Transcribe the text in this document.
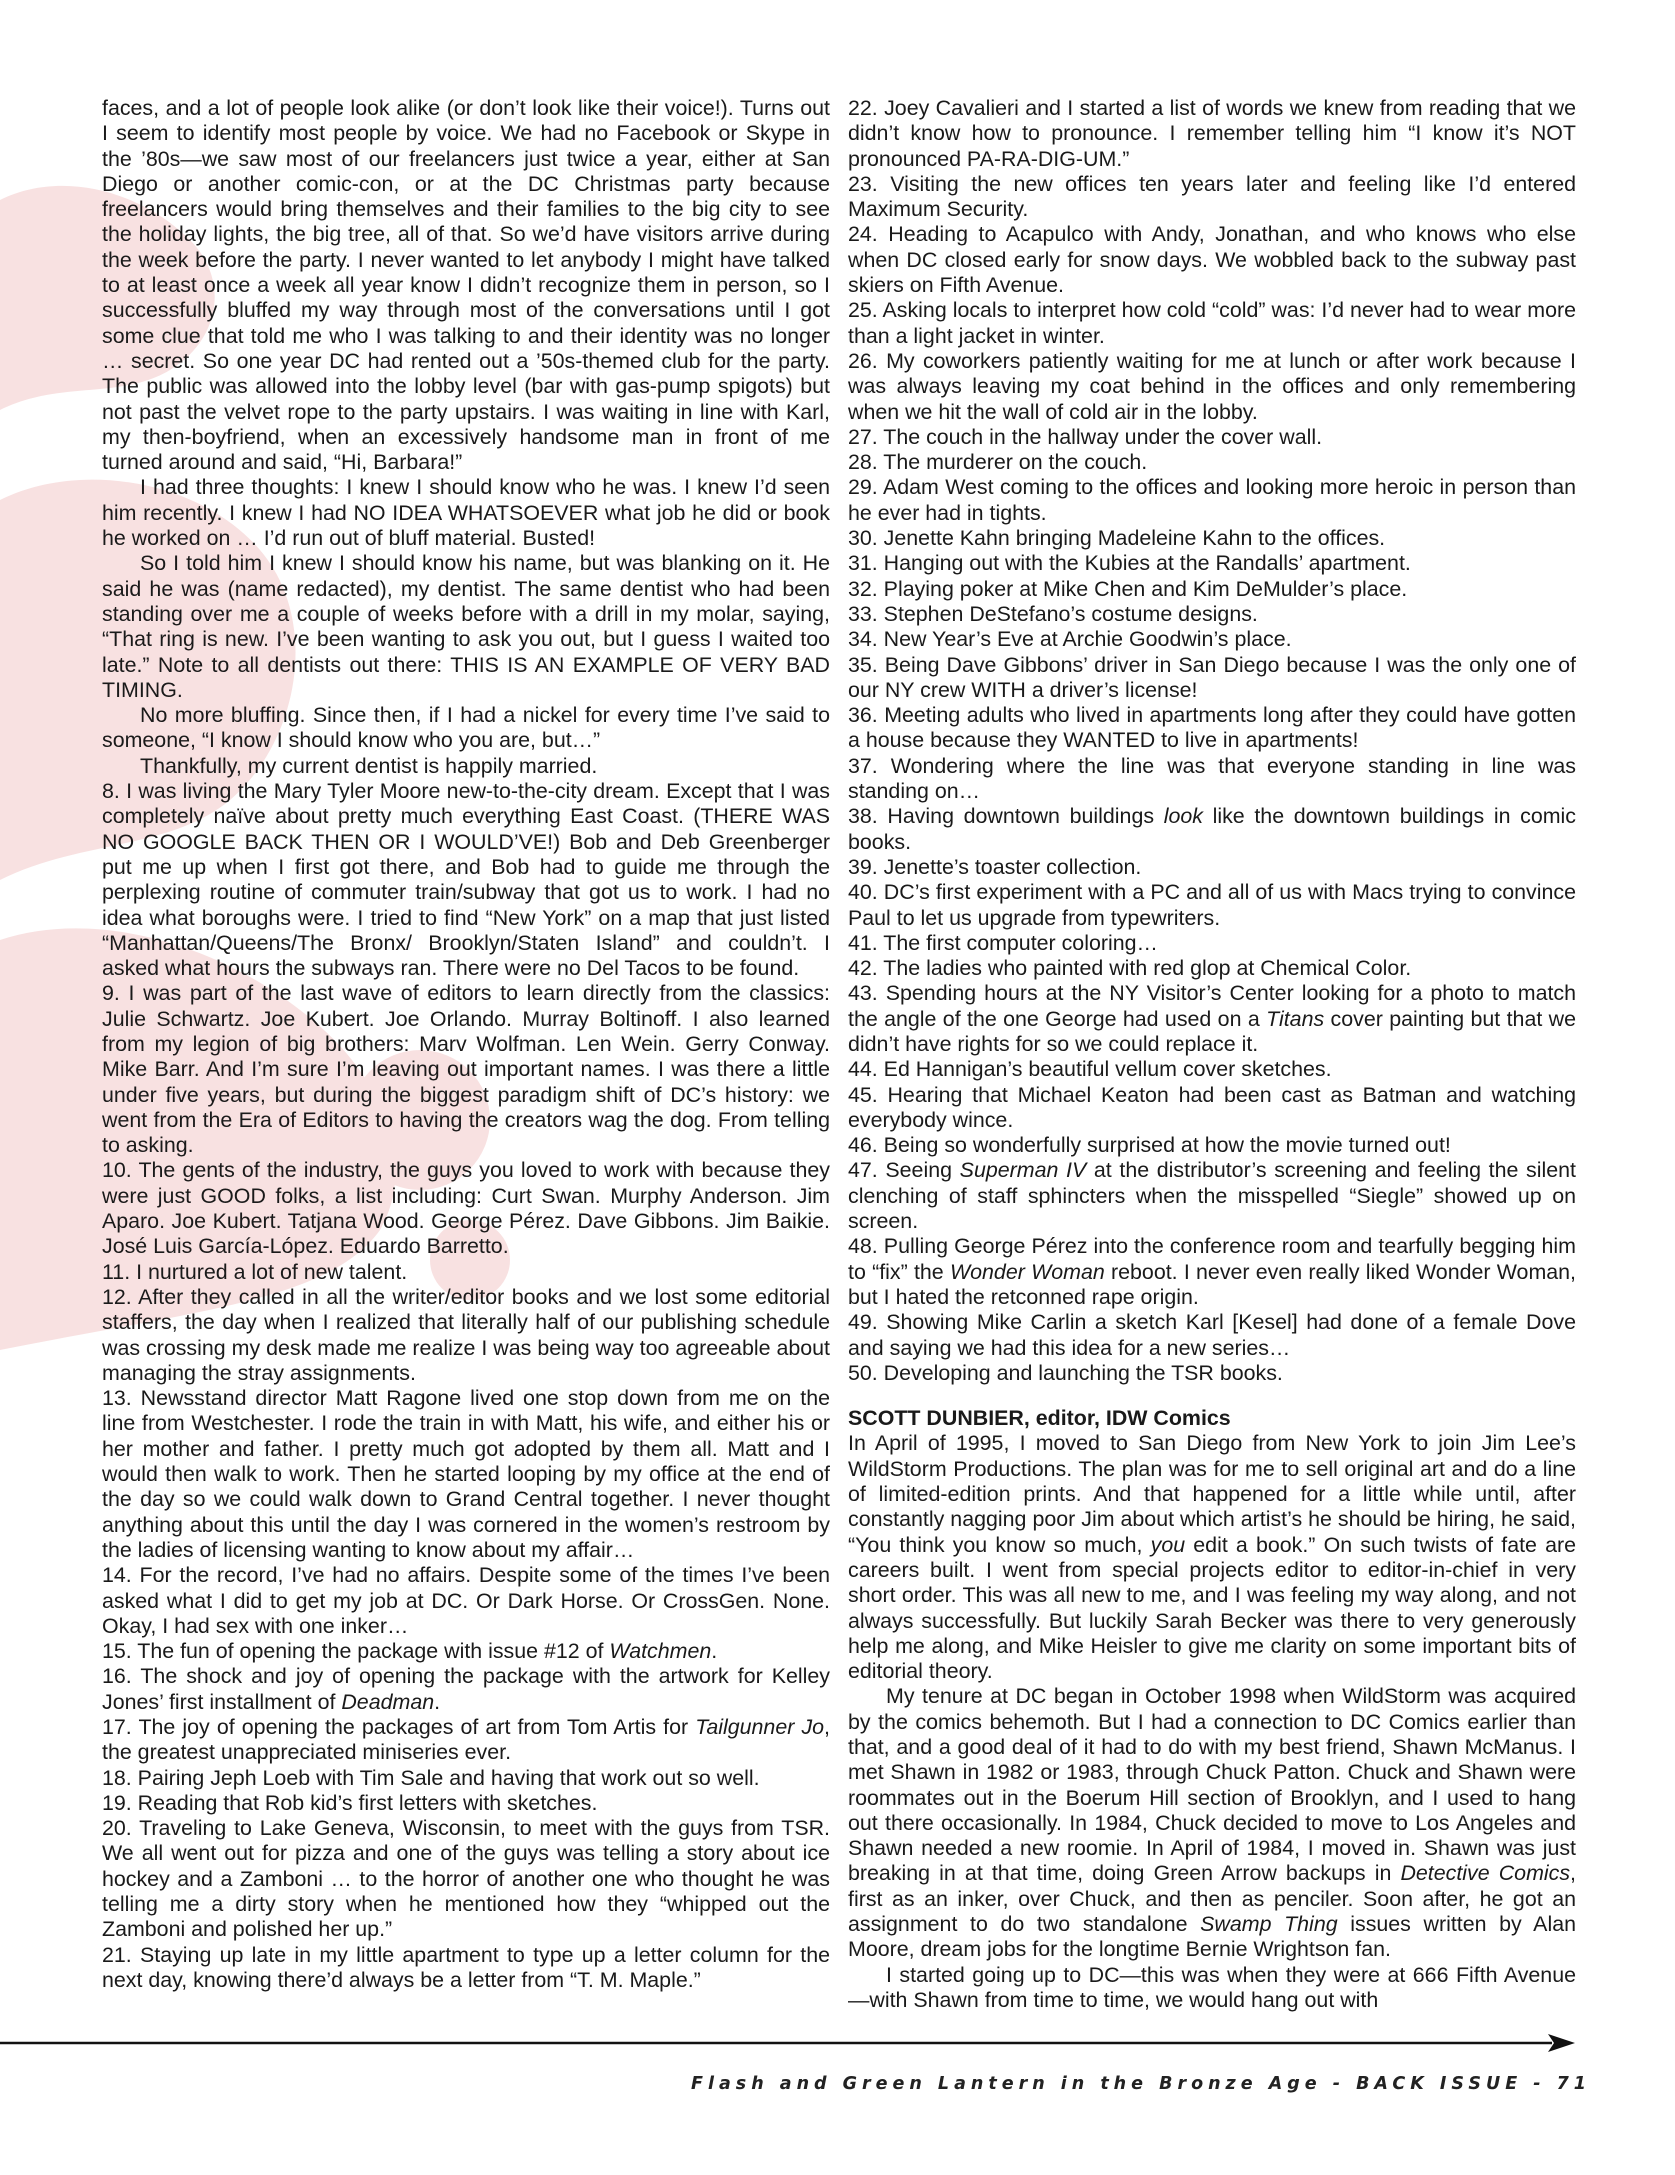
faces, and a lot of people look alike (or don’t look like their voice!). Turns out I seem to identify most people by voice. We had no Facebook or Skype in the ’80s—we saw most of our freelancers just twice a year, either at San Diego or another comic-con, or at the DC Christmas party because freelancers would bring themselves and their families to the big city to see the holiday lights, the big tree, all of that. So we’d have visitors arrive during the week before the party. I never wanted to let anybody I might have talked to at least once a week all year know I didn’t recognize them in person, so I successfully bluffed my way through most of the conversations until I got some clue that told me who I was talking to and their identity was no longer … secret. So one year DC had rented out a ’50s-themed club for the party. The public was allowed into the lobby level (bar with gas-pump spigots) but not past the velvet rope to the party upstairs. I was waiting in line with Karl, my then-boyfriend, when an excessively handsome man in front of me turned around and said, “Hi, Barbara!”

I had three thoughts: I knew I should know who he was. I knew I’d seen him recently. I knew I had NO IDEA WHATSOEVER what job he did or book he worked on … I’d run out of bluff material. Busted!

So I told him I knew I should know his name, but was blanking on it. He said he was (name redacted), my dentist. The same dentist who had been standing over me a couple of weeks before with a drill in my molar, saying, “That ring is new. I’ve been wanting to ask you out, but I guess I waited too late.” Note to all dentists out there: THIS IS AN EXAMPLE OF VERY BAD TIMING.

No more bluffing. Since then, if I had a nickel for every time I’ve said to someone, “I know I should know who you are, but…”

Thankfully, my current dentist is happily married.

8. I was living the Mary Tyler Moore new-to-the-city dream. Except that I was completely naïve about pretty much everything East Coast. (THERE WAS NO GOOGLE BACK THEN OR I WOULD’VE!) Bob and Deb Greenberger put me up when I first got there, and Bob had to guide me through the perplexing routine of commuter train/subway that got us to work. I had no idea what boroughs were. I tried to find “New York” on a map that just listed “Manhattan/Queens/The Bronx/ Brooklyn/Staten Island” and couldn’t. I asked what hours the subways ran. There were no Del Tacos to be found.

9. I was part of the last wave of editors to learn directly from the classics: Julie Schwartz. Joe Kubert. Joe Orlando. Murray Boltinoff. I also learned from my legion of big brothers: Marv Wolfman. Len Wein. Gerry Conway. Mike Barr. And I’m sure I’m leaving out important names. I was there a little under five years, but during the biggest paradigm shift of DC’s history: we went from the Era of Editors to having the creators wag the dog. From telling to asking.

10. The gents of the industry, the guys you loved to work with because they were just GOOD folks, a list including: Curt Swan. Murphy Anderson. Jim Aparo. Joe Kubert. Tatjana Wood. George Pérez. Dave Gibbons. Jim Baikie. José Luis García-López. Eduardo Barretto.

11. I nurtured a lot of new talent.

12. After they called in all the writer/editor books and we lost some editorial staffers, the day when I realized that literally half of our publishing schedule was crossing my desk made me realize I was being way too agreeable about managing the stray assignments.

13. Newsstand director Matt Ragone lived one stop down from me on the line from Westchester. I rode the train in with Matt, his wife, and either his or her mother and father. I pretty much got adopted by them all. Matt and I would then walk to work. Then he started looping by my office at the end of the day so we could walk down to Grand Central together. I never thought anything about this until the day I was cornered in the women’s restroom by the ladies of licensing wanting to know about my affair…

14. For the record, I’ve had no affairs. Despite some of the times I’ve been asked what I did to get my job at DC. Or Dark Horse. Or CrossGen. None. Okay, I had sex with one inker…

15. The fun of opening the package with issue #12 of Watchmen.

16. The shock and joy of opening the package with the artwork for Kelley Jones’ first installment of Deadman.

17. The joy of opening the packages of art from Tom Artis for Tailgunner Jo, the greatest unappreciated miniseries ever.

18. Pairing Jeph Loeb with Tim Sale and having that work out so well.

19. Reading that Rob kid’s first letters with sketches.

20. Traveling to Lake Geneva, Wisconsin, to meet with the guys from TSR. We all went out for pizza and one of the guys was telling a story about ice hockey and a Zamboni … to the horror of another one who thought he was telling me a dirty story when he mentioned how they “whipped out the Zamboni and polished her up.”

21. Staying up late in my little apartment to type up a letter column for the next day, knowing there’d always be a letter from “T. M. Maple.”

22. Joey Cavalieri and I started a list of words we knew from reading that we didn’t know how to pronounce. I remember telling him “I know it’s NOT pronounced PA-RA-DIG-UM.”

23. Visiting the new offices ten years later and feeling like I’d entered Maximum Security.

24. Heading to Acapulco with Andy, Jonathan, and who knows who else when DC closed early for snow days. We wobbled back to the subway past skiers on Fifth Avenue.

25. Asking locals to interpret how cold “cold” was: I’d never had to wear more than a light jacket in winter.

26. My coworkers patiently waiting for me at lunch or after work because I was always leaving my coat behind in the offices and only remembering when we hit the wall of cold air in the lobby.

27. The couch in the hallway under the cover wall.

28. The murderer on the couch.

29. Adam West coming to the offices and looking more heroic in person than he ever had in tights.

30. Jenette Kahn bringing Madeleine Kahn to the offices.

31. Hanging out with the Kubies at the Randalls’ apartment.

32. Playing poker at Mike Chen and Kim DeMulder’s place.

33. Stephen DeStefano’s costume designs.

34. New Year’s Eve at Archie Goodwin’s place.

35. Being Dave Gibbons’ driver in San Diego because I was the only one of our NY crew WITH a driver’s license!

36. Meeting adults who lived in apartments long after they could have gotten a house because they WANTED to live in apartments!

37. Wondering where the line was that everyone standing in line was standing on…

38. Having downtown buildings look like the downtown buildings in comic books.

39. Jenette’s toaster collection.

40. DC’s first experiment with a PC and all of us with Macs trying to convince Paul to let us upgrade from typewriters.

41. The first computer coloring…

42. The ladies who painted with red glop at Chemical Color.

43. Spending hours at the NY Visitor’s Center looking for a photo to match the angle of the one George had used on a Titans cover painting but that we didn’t have rights for so we could replace it.

44. Ed Hannigan’s beautiful vellum cover sketches.

45. Hearing that Michael Keaton had been cast as Batman and watching everybody wince.

46. Being so wonderfully surprised at how the movie turned out!

47. Seeing Superman IV at the distributor’s screening and feeling the silent clenching of staff sphincters when the misspelled “Siegle” showed up on screen.

48. Pulling George Pérez into the conference room and tearfully begging him to “fix” the Wonder Woman reboot. I never even really liked Wonder Woman, but I hated the retconned rape origin.

49. Showing Mike Carlin a sketch Karl [Kesel] had done of a female Dove and saying we had this idea for a new series…

50. Developing and launching the TSR books.

SCOTT DUNBIER, editor, IDW Comics

In April of 1995, I moved to San Diego from New York to join Jim Lee’s WildStorm Productions. The plan was for me to sell original art and do a line of limited-edition prints. And that happened for a little while until, after constantly nagging poor Jim about which artist’s he should be hiring, he said, “You think you know so much, you edit a book.” On such twists of fate are careers built. I went from special projects editor to editor-in-chief in very short order. This was all new to me, and I was feeling my way along, and not always successfully. But luckily Sarah Becker was there to very generously help me along, and Mike Heisler to give me clarity on some important bits of editorial theory.

My tenure at DC began in October 1998 when WildStorm was acquired by the comics behemoth. But I had a connection to DC Comics earlier than that, and a good deal of it had to do with my best friend, Shawn McManus. I met Shawn in 1982 or 1983, through Chuck Patton. Chuck and Shawn were roommates out in the Boerum Hill section of Brooklyn, and I used to hang out there occasionally. In 1984, Chuck decided to move to Los Angeles and Shawn needed a new roomie. In April of 1984, I moved in. Shawn was just breaking in at that time, doing Green Arrow backups in Detective Comics, first as an inker, over Chuck, and then as penciler. Soon after, he got an assignment to do two standalone Swamp Thing issues written by Alan Moore, dream jobs for the longtime Bernie Wrightson fan.

I started going up to DC—this was when they were at 666 Fifth Avenue—with Shawn from time to time, we would hang out with

Flash and Green Lantern in the Bronze Age - BACK ISSUE - 71
